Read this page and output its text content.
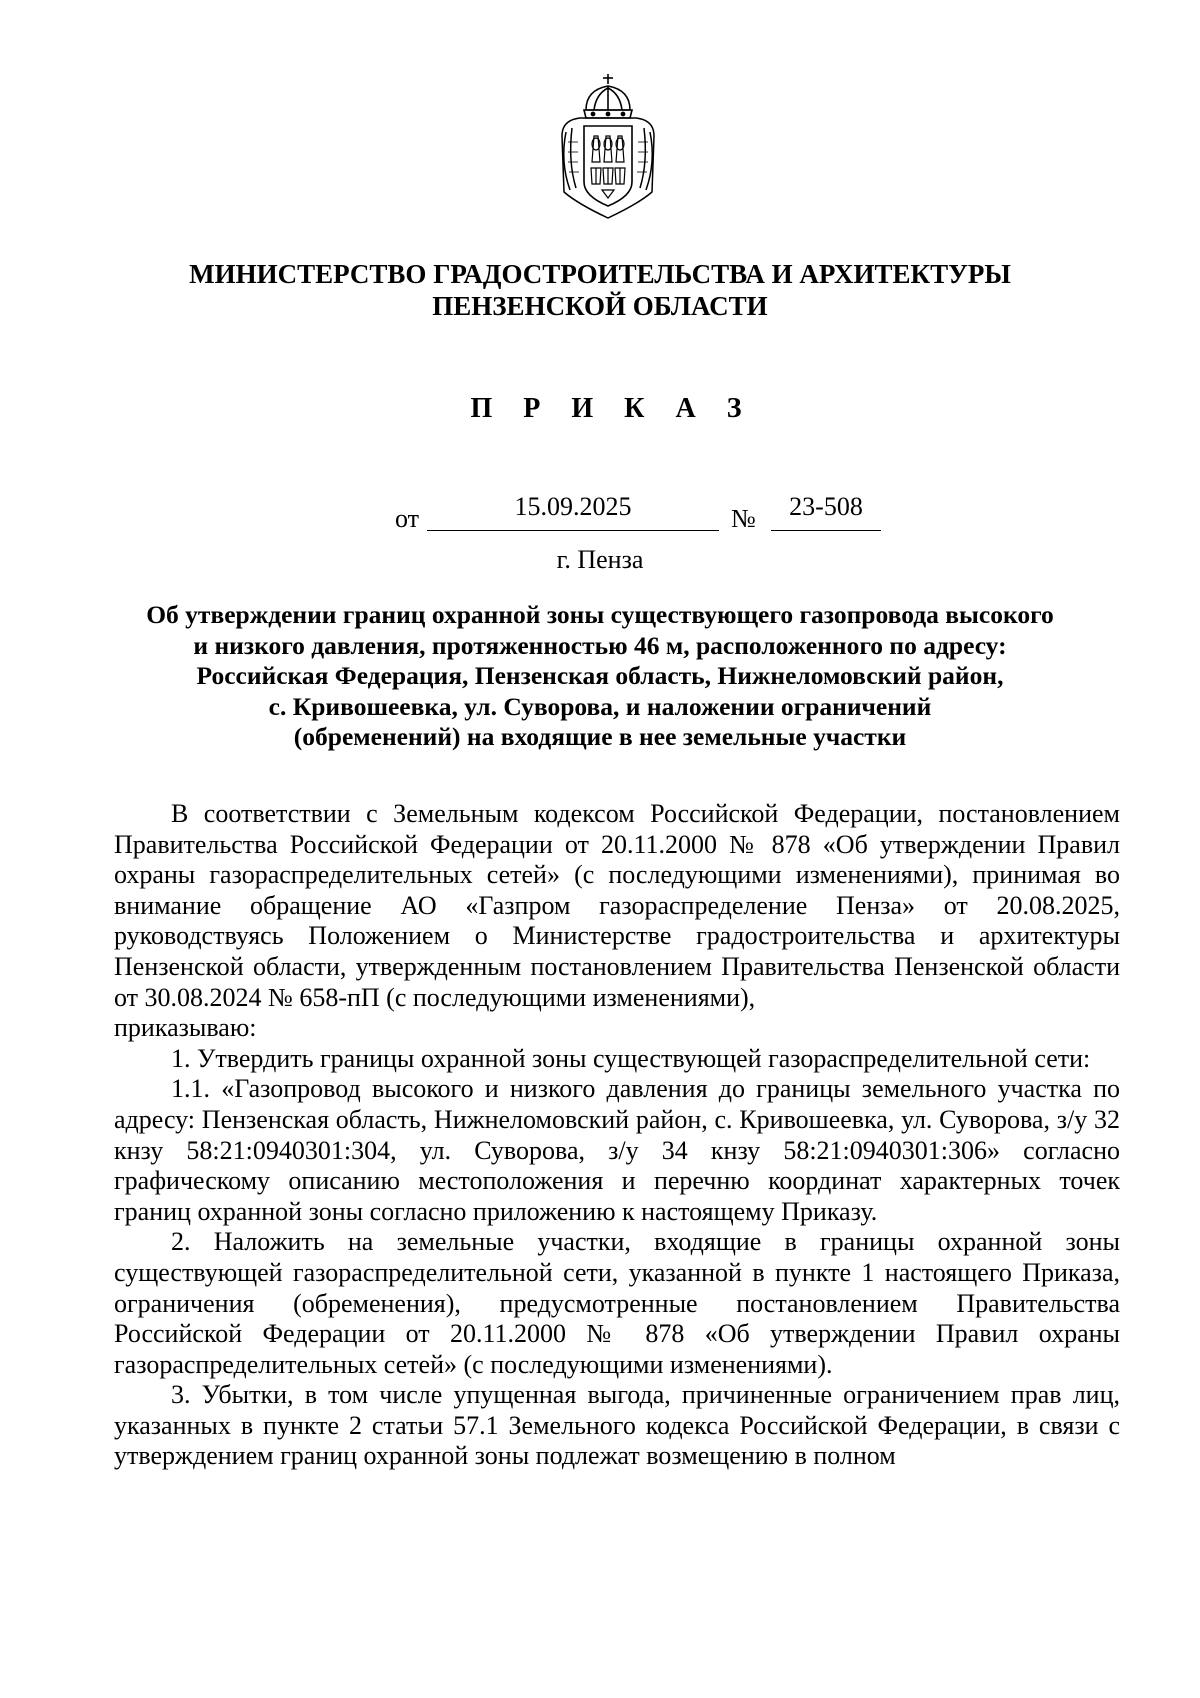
МИНИСТЕРСТВО ГРАДОСТРОИТЕЛЬСТВА И АРХИТЕКТУРЫ
ПЕНЗЕНСКОЙ ОБЛАСТИ
П Р И К А З
от	15.09.2025	№	23-508
г. Пенза
Об утверждении границ охранной зоны существующего газопровода высокого
и низкого давления, протяженностью 46 м, расположенного по адресу:
Российская Федерация, Пензенская область, Нижнеломовский район,
с. Кривошеевка, ул. Суворова, и наложении ограничений
(обременений) на входящие в нее земельные участки

В соответствии с Земельным кодексом Российской Федерации, постановлением Правительства Российской Федерации от 20.11.2000 № 878 «Об утверждении Правил охраны газораспределительных сетей» (с последующими изменениями), принимая во внимание обращение АО «Газпром газораспределение Пенза» от 20.08.2025, руководствуясь Положением о Министерстве градостроительства и архитектуры Пензенской области, утвержденным постановлением Правительства Пензенской области от 30.08.2024 № 658-пП (с последующими изменениями),

приказываю:

1. Утвердить границы охранной зоны существующей газораспределительной сети:

1.1. «Газопровод высокого и низкого давления до границы земельного участка по адресу: Пензенская область, Нижнеломовский район, с. Кривошеевка, ул. Суворова, з/у 32 кнзу 58:21:0940301:304, ул. Суворова, з/у 34 кнзу 58:21:0940301:306» согласно графическому описанию местоположения и перечню координат характерных точек границ охранной зоны согласно приложению к настоящему Приказу.

2. Наложить на земельные участки, входящие в границы охранной зоны существующей газораспределительной сети, указанной в пункте 1 настоящего Приказа, ограничения (обременения), предусмотренные постановлением Правительства Российской Федерации от 20.11.2000 № 878 «Об утверждении Правил охраны газораспределительных сетей» (с последующими изменениями).

3. Убытки, в том числе упущенная выгода, причиненные ограничением прав лиц, указанных в пункте 2 статьи 57.1 Земельного кодекса Российской Федерации, в связи с утверждением границ охранной зоны подлежат возмещению в полном
